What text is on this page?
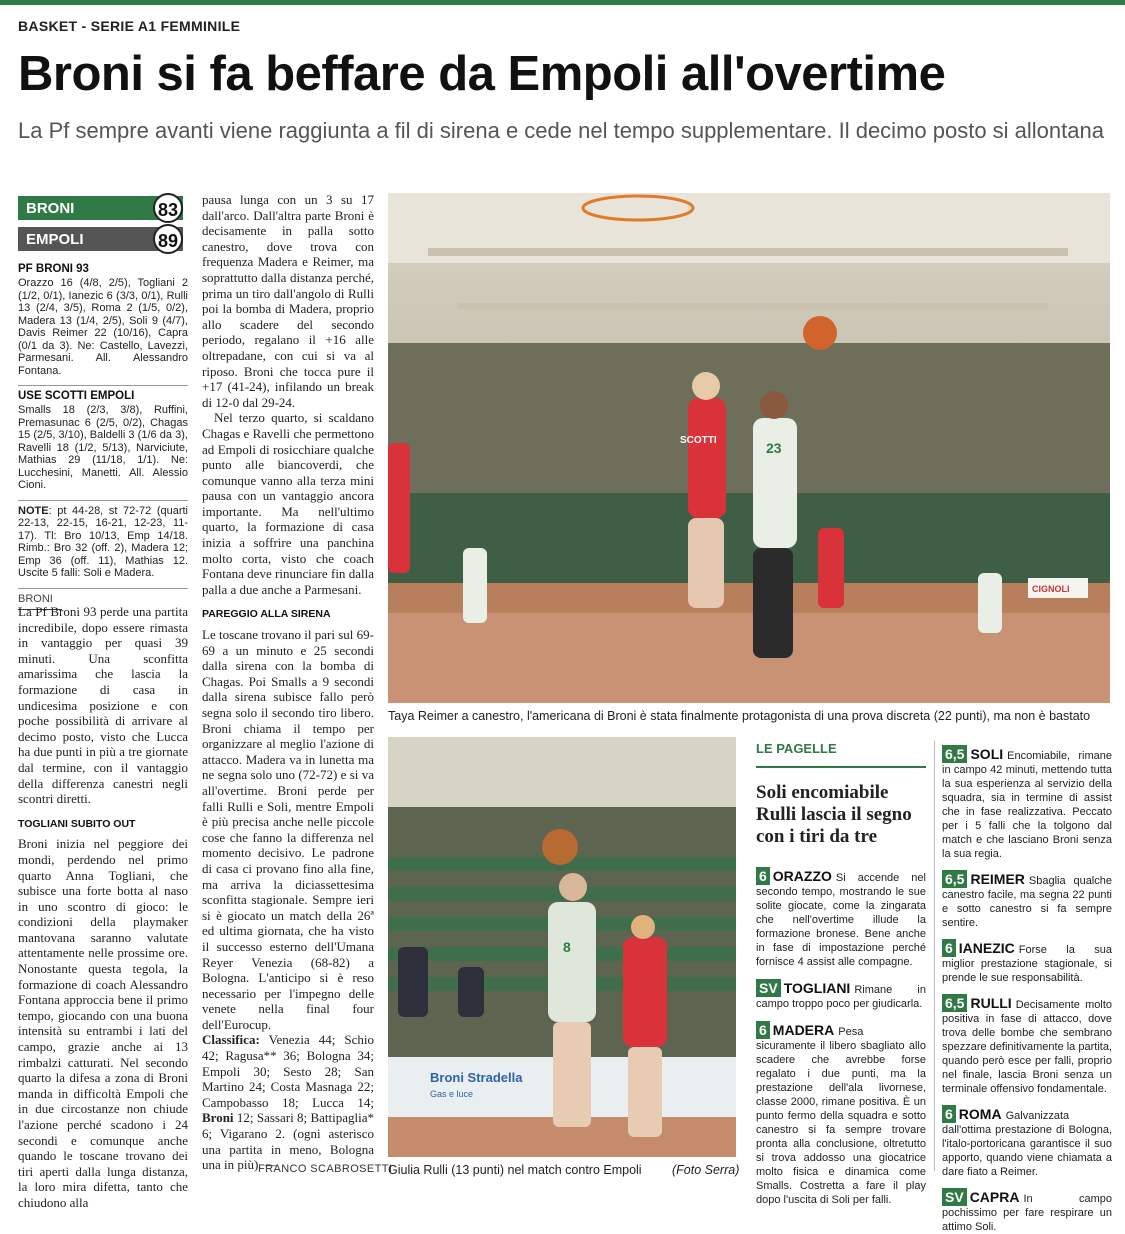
BASKET - SERIE A1 FEMMINILE
Broni si fa beffare da Empoli all'overtime
La Pf sempre avanti viene raggiunta a fil di sirena e cede nel tempo supplementare. Il decimo posto si allontana
BRONI	83
EMPOLI	89
PF BRONI 93
Orazzo 16 (4/8, 2/5), Togliani 2 (1/2, 0/1), Ianezic 6 (3/3, 0/1), Rulli 13 (2/4, 3/5), Roma 2 (1/5, 0/2), Madera 13 (1/4, 2/5), Soli 9 (4/7), Davis Reimer 22 (10/16), Capra (0/1 da 3). Ne: Castello, Lavezzi, Parmesani. All. Alessandro Fontana.
USE SCOTTI EMPOLI
Smalls 18 (2/3, 3/8), Ruffini, Premasunac 6 (2/5, 0/2), Chagas 15 (2/5, 3/10), Baldelli 3 (1/6 da 3), Ravelli 18 (1/2, 5/13), Narviciute, Mathias 29 (11/18, 1/1). Ne: Lucchesini, Manetti. All. Alessio Cioni.
NOTE: pt 44-28, st 72-72 (quarti 22-13, 22-15, 16-21, 12-23, 11-17). Tl: Bro 10/13, Emp 14/18. Rimb.: Bro 32 (off. 2), Madera 12; Emp 36 (off. 11), Mathias 12. Uscite 5 falli: Soli e Madera.
BRONI
La Pf Broni 93 perde una partita incredibile, dopo essere rimasta in vantaggio per quasi 39 minuti. Una sconfitta amarissima che lascia la formazione di casa in undicesima posizione e con poche possibilità di arrivare al decimo posto, visto che Lucca ha due punti in più a tre giornate dal termine, con il vantaggio della differenza canestri negli scontri diretti.
TOGLIANI SUBITO OUT
Broni inizia nel peggiore dei mondi, perdendo nel primo quarto Anna Togliani, che subisce una forte botta al naso in uno scontro di gioco: le condizioni della playmaker mantovana saranno valutate attentamente nelle prossime ore. Nonostante questa tegola, la formazione di coach Alessandro Fontana approccia bene il primo tempo, giocando con una buona intensità su entrambi i lati del campo, grazie anche ai 13 rimbalzi catturati. Nel secondo quarto la difesa a zona di Broni manda in difficoltà Empoli che in due circostanze non chiude l'azione perché scadono i 24 secondi e comunque anche quando le toscane trovano dei tiri aperti dalla lunga distanza, la loro mira difetta, tanto che chiudono alla
pausa lunga con un 3 su 17 dall'arco. Dall'altra parte Broni è decisamente in palla sotto canestro, dove trova con frequenza Madera e Reimer, ma soprattutto dalla distanza perché, prima un tiro dall'angolo di Rulli poi la bomba di Madera, proprio allo scadere del secondo periodo, regalano il +16 alle oltrepadane, con cui si va al riposo. Broni che tocca pure il +17 (41-24), infilando un break di 12-0 dal 29-24.
Nel terzo quarto, si scaldano Chagas e Ravelli che permettono ad Empoli di rosicchiare qualche punto alle biancoverdi, che comunque vanno alla terza mini pausa con un vantaggio ancora importante. Ma nell'ultimo quarto, la formazione di casa inizia a soffrire una panchina molto corta, visto che coach Fontana deve rinunciare fin dalla palla a due anche a Parmesani.
PAREGGIO ALLA SIRENA
Le toscane trovano il pari sul 69-69 a un minuto e 25 secondi dalla sirena con la bomba di Chagas. Poi Smalls a 9 secondi dalla sirena subisce fallo però segna solo il secondo tiro libero. Broni chiama il tempo per organizzare al meglio l'azione di attacco. Madera va in lunetta ma ne segna solo uno (72-72) e si va all'overtime. Broni perde per falli Rulli e Soli, mentre Empoli è più precisa anche nelle piccole cose che fanno la differenza nel momento decisivo. Le padrone di casa ci provano fino alla fine, ma arriva la diciassettesima sconfitta stagionale. Sempre ieri si è giocato un match della 26ª ed ultima giornata, che ha visto il successo esterno dell'Umana Reyer Venezia (68-82) a Bologna. L'anticipo si è reso necessario per l'impegno delle venete nella final four dell'Eurocup.
Classifica: Venezia 44; Schio 42; Ragusa** 36; Bologna 34; Empoli 30; Sesto 28; San Martino 24; Costa Masnaga 22; Campobasso 18; Lucca 14; Broni 12; Sassari 8; Battipaglia* 6; Vigarano 2. (ogni asterisco una partita in meno, Bologna una in più). —
FRANCO SCABROSETTI
23
SCOTTI
CIGNOLI
Taya Reimer a canestro, l'americana di Broni è stata finalmente protagonista di una prova discreta (22 punti), ma non è bastato
Broni Stradella
Gas e luce
8
Giulia Rulli (13 punti) nel match contro Empoli (Foto Serra)
LE PAGELLE
Soli encomiabile Rulli lascia il segno con i tiri da tre
6 ORAZZO Si accende nel secondo tempo, mostrando le sue solite giocate, come la zingarata che nell'overtime illude la formazione bronese. Bene anche in fase di impostazione perché fornisce 4 assist alle compagne.
SV TOGLIANI Rimane in campo troppo poco per giudicarla.
6 MADERA Pesa sicuramente il libero sbagliato allo scadere che avrebbe forse regalato i due punti, ma la prestazione dell'ala livornese, classe 2000, rimane positiva. È un punto fermo della squadra e sotto canestro si fa sempre trovare pronta alla conclusione, oltretutto si trova addosso una giocatrice molto fisica e dinamica come Smalls. Costretta a fare il play dopo l'uscita di Soli per falli.
6,5 SOLI Encomiabile, rimane in campo 42 minuti, mettendo tutta la sua esperienza al servizio della squadra, sia in termine di assist che in fase realizzativa. Peccato per i 5 falli che la tolgono dal match e che lasciano Broni senza la sua regia.
6,5 REIMER Sbaglia qualche canestro facile, ma segna 22 punti e sotto canestro si fa sempre sentire.
6 IANEZIC Forse la sua miglior prestazione stagionale, si prende le sue responsabilità.
6,5 RULLI Decisamente molto positiva in fase di attacco, dove trova delle bombe che sembrano spezzare definitivamente la partita, quando però esce per falli, proprio nel finale, lascia Broni senza un terminale offensivo fondamentale.
6 ROMA Galvanizzata dall'ottima prestazione di Bologna, l'italo-portoricana garantisce il suo apporto, quando viene chiamata a dare fiato a Reimer.
SV CAPRA In campo pochissimo per fare respirare un attimo Soli.
